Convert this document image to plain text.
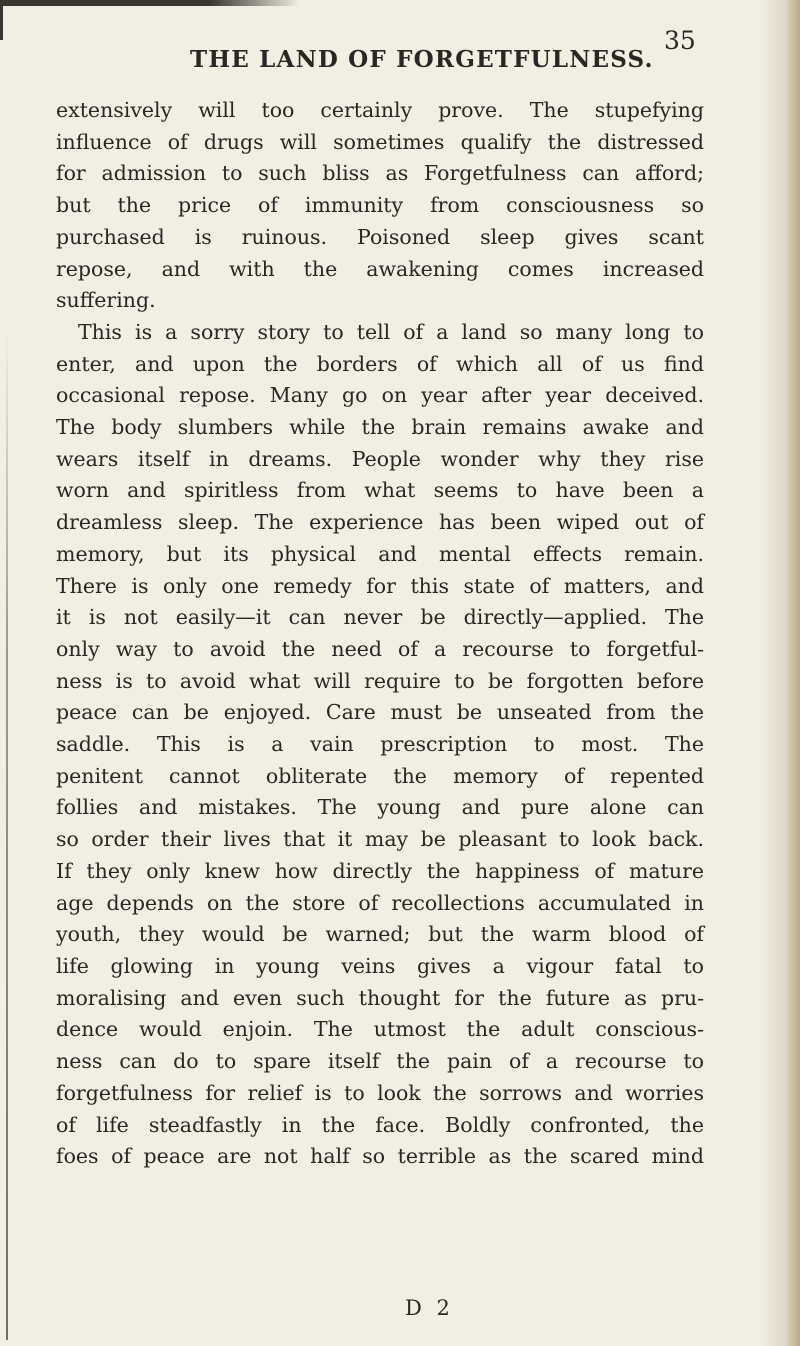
THE LAND OF FORGETFULNESS.
35
extensively will too certainly prove. The stupefying
influence of drugs will sometimes qualify the distressed
for admission to such bliss as Forgetfulness can afford;
but the price of immunity from consciousness so
purchased is ruinous. Poisoned sleep gives scant
repose, and with the awakening comes increased
suffering.
This is a sorry story to tell of a land so many long to
enter, and upon the borders of which all of us find
occasional repose. Many go on year after year deceived.
The body slumbers while the brain remains awake and
wears itself in dreams. People wonder why they rise
worn and spiritless from what seems to have been a
dreamless sleep. The experience has been wiped out of
memory, but its physical and mental effects remain.
There is only one remedy for this state of matters, and
it is not easily—it can never be directly—applied. The
only way to avoid the need of a recourse to forgetful-
ness is to avoid what will require to be forgotten before
peace can be enjoyed. Care must be unseated from the
saddle. This is a vain prescription to most. The
penitent cannot obliterate the memory of repented
follies and mistakes. The young and pure alone can
so order their lives that it may be pleasant to look back.
If they only knew how directly the happiness of mature
age depends on the store of recollections accumulated in
youth, they would be warned; but the warm blood of
life glowing in young veins gives a vigour fatal to
moralising and even such thought for the future as pru-
dence would enjoin. The utmost the adult conscious-
ness can do to spare itself the pain of a recourse to
forgetfulness for relief is to look the sorrows and worries
of life steadfastly in the face. Boldly confronted, the
foes of peace are not half so terrible as the scared mind
D 2
